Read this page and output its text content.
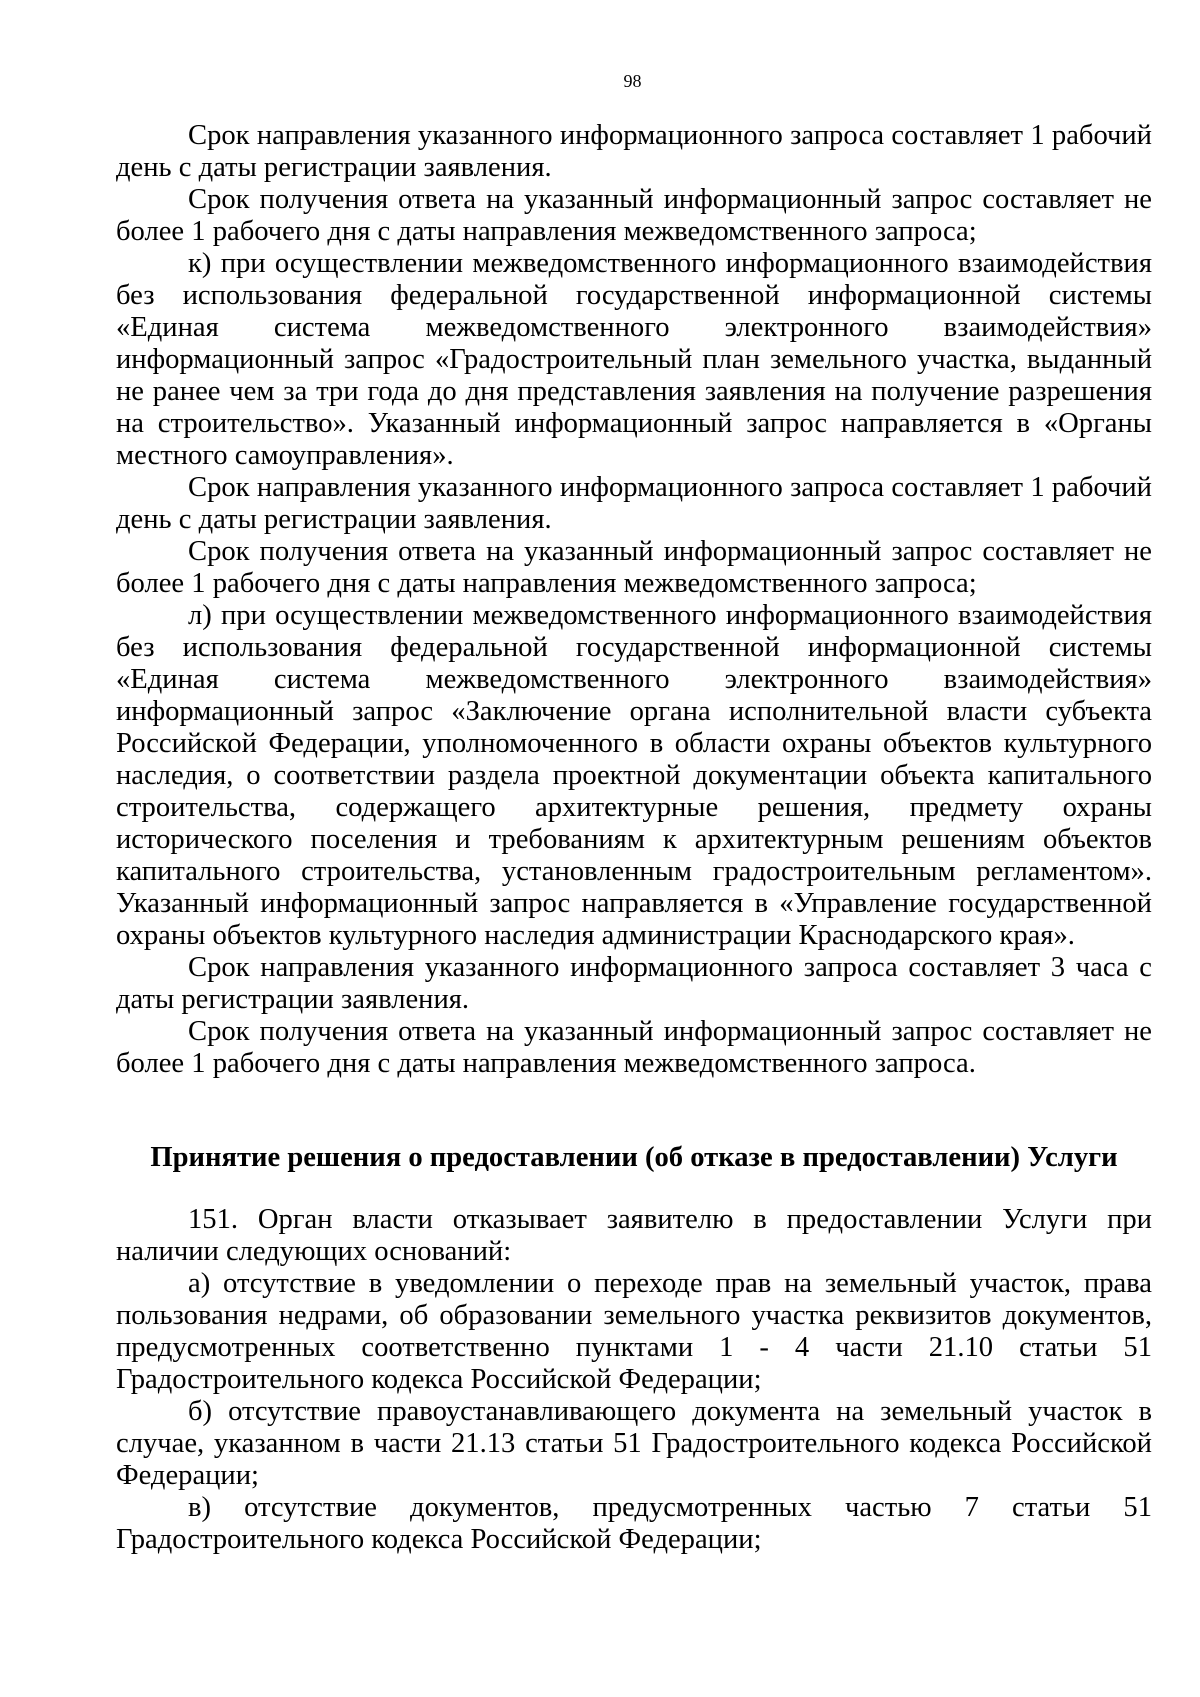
98

Срок направления указанного информационного запроса составляет 1 рабочий день с даты регистрации заявления.

Срок получения ответа на указанный информационный запрос составляет не более 1 рабочего дня с даты направления межведомственного запроса;

к) при осуществлении межведомственного информационного взаимодействия без использования федеральной государственной информационной системы «Единая система межведомственного электронного взаимодействия» информационный запрос «Градостроительный план земельного участка, выданный не ранее чем за три года до дня представления заявления на получение разрешения на строительство». Указанный информационный запрос направляется в «Органы местного самоуправления».

Срок направления указанного информационного запроса составляет 1 рабочий день с даты регистрации заявления.

Срок получения ответа на указанный информационный запрос составляет не более 1 рабочего дня с даты направления межведомственного запроса;

л) при осуществлении межведомственного информационного взаимодействия без использования федеральной государственной информационной системы «Единая система межведомственного электронного взаимодействия» информационный запрос «Заключение органа исполнительной власти субъекта Российской Федерации, уполномоченного в области охраны объектов культурного наследия, о соответствии раздела проектной документации объекта капитального строительства, содержащего архитектурные решения, предмету охраны исторического поселения и требованиям к архитектурным решениям объектов капитального строительства, установленным градостроительным регламентом». Указанный информационный запрос направляется в «Управление государственной охраны объектов культурного наследия администрации Краснодарского края».

Срок направления указанного информационного запроса составляет 3 часа с даты регистрации заявления.

Срок получения ответа на указанный информационный запрос составляет не более 1 рабочего дня с даты направления межведомственного запроса.

Принятие решения о предоставлении (об отказе в предоставлении) Услуги

151. Орган власти отказывает заявителю в предоставлении Услуги при наличии следующих оснований:

а) отсутствие в уведомлении о переходе прав на земельный участок, права пользования недрами, об образовании земельного участка реквизитов документов, предусмотренных соответственно пунктами 1 - 4 части 21.10 статьи 51 Градостроительного кодекса Российской Федерации;

б) отсутствие правоустанавливающего документа на земельный участок в случае, указанном в части 21.13 статьи 51 Градостроительного кодекса Российской Федерации;

в) отсутствие документов, предусмотренных частью 7 статьи 51 Градостроительного кодекса Российской Федерации;
